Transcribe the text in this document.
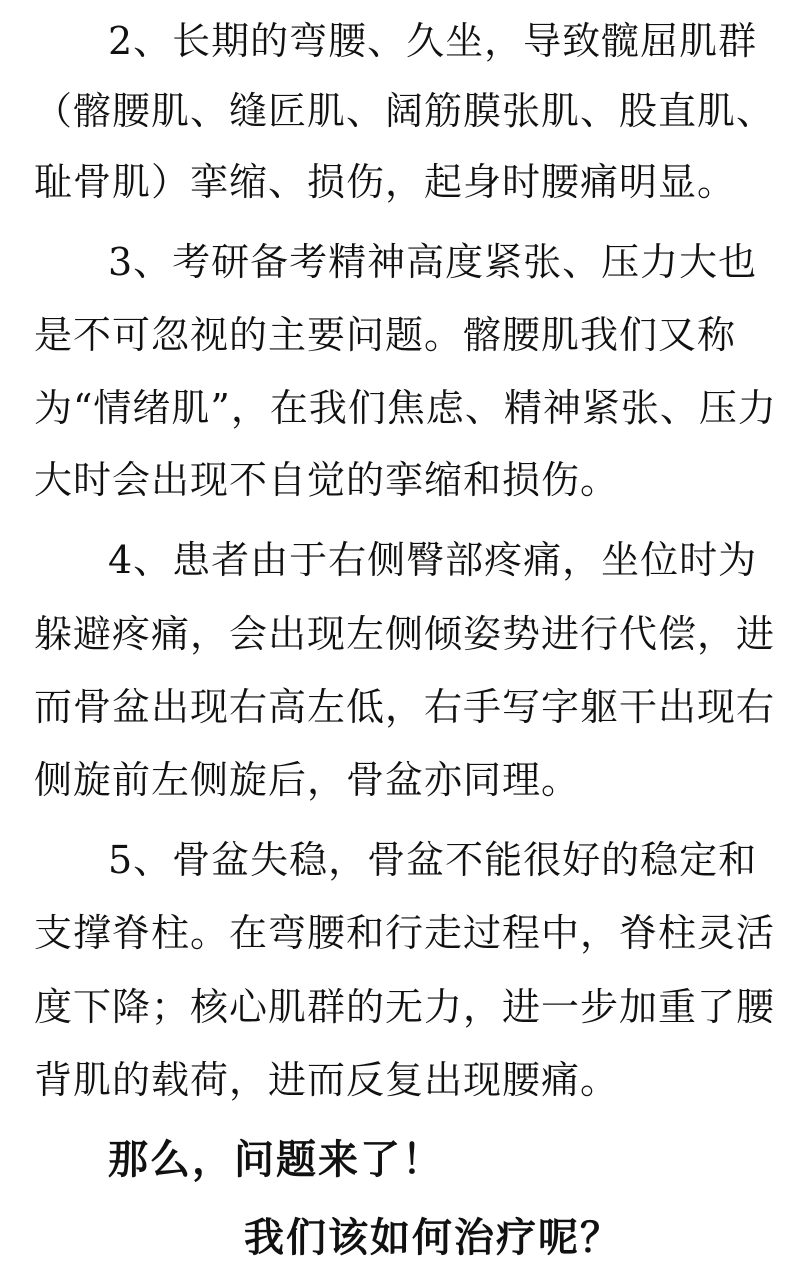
2、长期的弯腰、久坐，导致髋屈肌群
（髂腰肌、缝匠肌、阔筋膜张肌、股直肌、
耻骨肌）挛缩、损伤，起身时腰痛明显。
3、考研备考精神高度紧张、压力大也
是不可忽视的主要问题。髂腰肌我们又称
为“情绪肌”，在我们焦虑、精神紧张、压力
大时会出现不自觉的挛缩和损伤。
4、患者由于右侧臀部疼痛，坐位时为
躲避疼痛，会出现左侧倾姿势进行代偿，进
而骨盆出现右高左低，右手写字躯干出现右
侧旋前左侧旋后，骨盆亦同理。
5、骨盆失稳，骨盆不能很好的稳定和
支撑脊柱。在弯腰和行走过程中，脊柱灵活
度下降；核心肌群的无力，进一步加重了腰
背肌的载荷，进而反复出现腰痛。
那么，问题来了！
我们该如何治疗呢？
